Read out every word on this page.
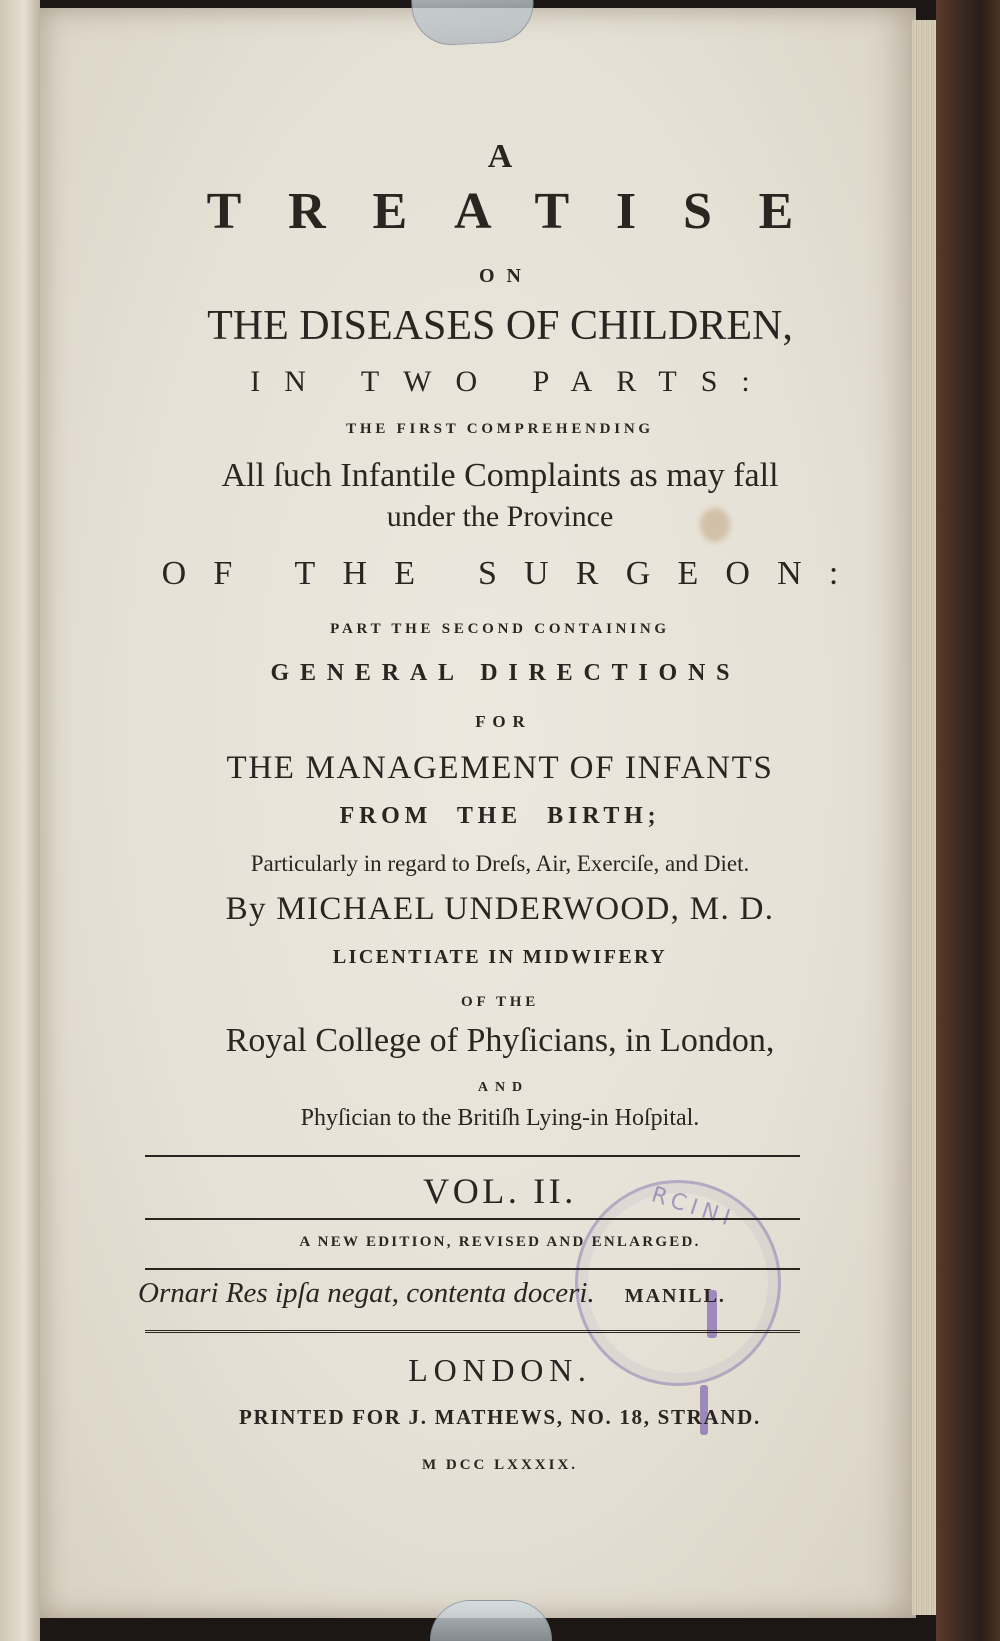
RCINI
A
TREATISE
ON
THE DISEASES OF CHILDREN,
IN TWO PARTS:
THE FIRST COMPREHENDING
All ſuch Infantile Complaints as may fall
under the Province
OF THE SURGEON:
PART THE SECOND CONTAINING
GENERAL DIRECTIONS
FOR
THE MANAGEMENT OF INFANTS
FROM THE BIRTH;
Particularly in regard to Dreſs, Air, Exerciſe, and Diet.
By MICHAEL UNDERWOOD, M. D.
LICENTIATE IN MIDWIFERY
OF THE
Royal College of Phyſicians, in London,
AND
Phyſician to the Britiſh Lying-in Hoſpital.
VOL. II.
A NEW EDITION, REVISED AND ENLARGED.
Ornari Res ipſa negat, contenta doceri. MANILL.
LONDON.
PRINTED FOR J. MATHEWS, NO. 18, STRAND.
M DCC LXXXIX.
